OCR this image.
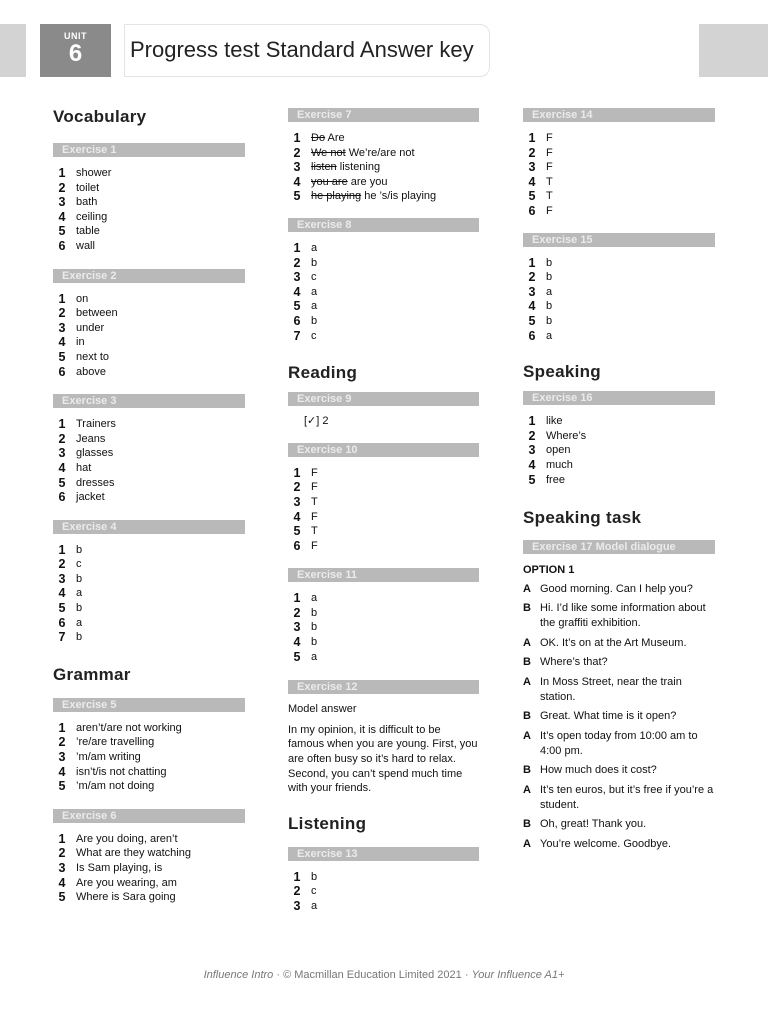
UNIT
6	Progress test Standard Answer key
Vocabulary
Exercise 1
1 shower
2 toilet
3 bath
4 ceiling
5 table
6 wall
Exercise 2
1 on
2 between
3 under
4 in
5 next to
6 above
Exercise 3
1 Trainers
2 Jeans
3 glasses
4 hat
5 dresses
6 jacket
Exercise 4
1 b
2 c
3 b
4 a
5 b
6 a
7 b
Grammar
Exercise 5
1 aren’t/are not working
2 ’re/are travelling
3 ’m/am writing
4 isn’t/is not chatting
5 ’m/am not doing
Exercise 6
1 Are you doing, aren’t
2 What are they watching
3 Is Sam playing, is
4 Are you wearing, am
5 Where is Sara going
Exercise 7
1 Do Are
2 We not We’re/are not
3 listen listening
4 you are are you
5 he playing he ’s/is playing
Exercise 8
1 a
2 b
3 c
4 a
5 a
6 b
7 c
Reading
Exercise 9
[✓] 2
Exercise 10
1 F
2 F
3 T
4 F
5 T
6 F
Exercise 11
1 a
2 b
3 b
4 b
5 a
Exercise 12
Model answer
In my opinion, it is difficult to be famous when you are young. First, you are often busy so it’s hard to relax. Second, you can’t spend much time with your friends.
Listening
Exercise 13
1 b
2 c
3 a
Exercise 14
1 F
2 F
3 F
4 T
5 T
6 F
Exercise 15
1 b
2 b
3 a
4 b
5 b
6 a
Speaking
Exercise 16
1 like
2 Where’s
3 open
4 much
5 free
Speaking task
Exercise 17 Model dialogue
OPTION 1
A Good morning. Can I help you?
B Hi. I’d like some information about the graffiti exhibition.
A OK. It’s on at the Art Museum.
B Where’s that?
A In Moss Street, near the train station.
B Great. What time is it open?
A It’s open today from 10:00 am to 4:00 pm.
B How much does it cost?
A It’s ten euros, but it’s free if you’re a student.
B Oh, great! Thank you.
A You’re welcome. Goodbye.
Influence Intro · © Macmillan Education Limited 2021 · Your Influence A1+
